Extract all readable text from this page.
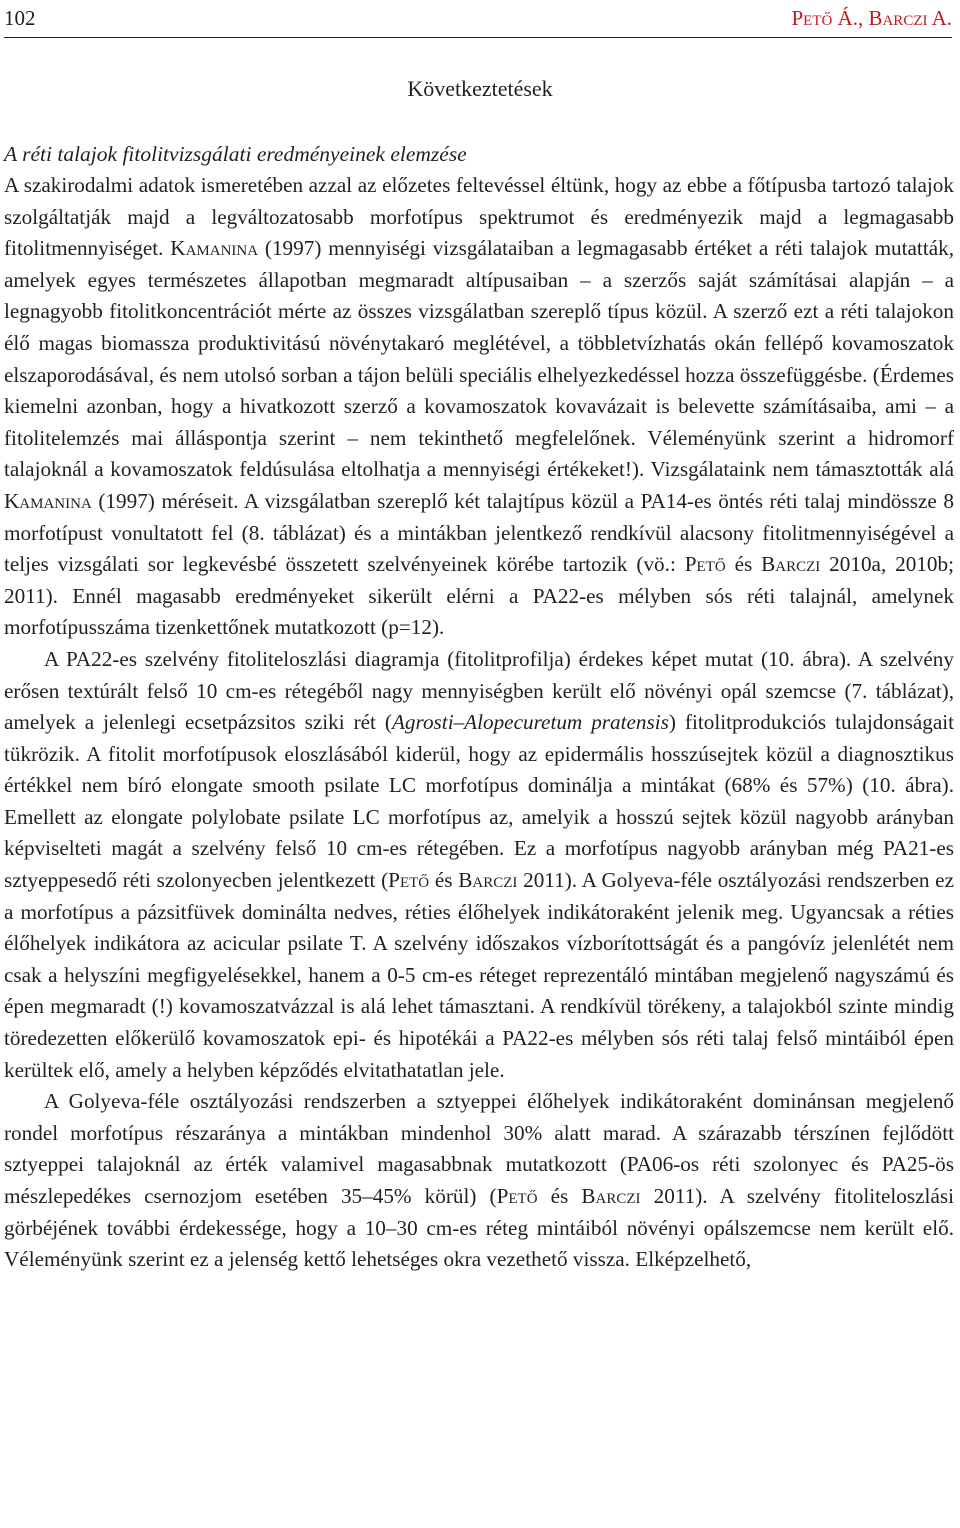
102	Pető Á., Barczi A.
Következtetések
A réti talajok fitolitvizsgálati eredményeinek elemzése

A szakirodalmi adatok ismeretében azzal az előzetes feltevéssel éltünk, hogy az ebbe a főtípusba tartozó talajok szolgáltatják majd a legváltozatosabb morfotípus spektrumot és eredményezik majd a legmagasabb fitolitmennyiséget. Kamanina (1997) mennyiségi vizsgálataiban a legmagasabb értéket a réti talajok mutatták, amelyek egyes természetes állapotban megmaradt altípusaiban – a szerzős saját számításai alapján – a legnagyobb fitolitkoncentrációt mérte az összes vizsgálatban szereplő típus közül. A szerző ezt a réti talajokon élő magas biomassza produktivitású növénytakaró meglétével, a többletvízhatás okán fellépő kovamoszatok elszaporodásával, és nem utolsó sorban a tájon belüli speciális elhelyezkedéssel hozza összefüggésbe. (Érdemes kiemelni azonban, hogy a hivatkozott szerző a kovamoszatok kovavázait is belevette számításaiba, ami – a fitolitelemzés mai álláspontja szerint – nem tekinthető megfelelőnek. Véleményünk szerint a hidromorf talajoknál a kovamoszatok feldúsulása eltolhatja a mennyiségi értékeket!). Vizsgálataink nem támasztották alá Kamanina (1997) méréseit. A vizsgálatban szereplő két talajtípus közül a PA14-es öntés réti talaj mindössze 8 morfotípust vonultatott fel (8. táblázat) és a mintákban jelentkező rendkívül alacsony fitolitmennyiségével a teljes vizsgálati sor legkevésbé összetett szelvényeinek körébe tartozik (vö.: Pető és Barczi 2010a, 2010b; 2011). Ennél magasabb eredményeket sikerült elérni a PA22-es mélyben sós réti talajnál, amelynek morfotípusszáma tizenkettőnek mutatkozott (p=12).

A PA22-es szelvény fitoliteloszlási diagramja (fitolitprofilja) érdekes képet mutat (10. ábra). A szelvény erősen textúrált felső 10 cm-es rétegéből nagy mennyiségben került elő növényi opál szemcse (7. táblázat), amelyek a jelenlegi ecsetpázsitos sziki rét (Agrosti–Alopecuretum pratensis) fitolitprodukciós tulajdonságait tükrözik. A fitolit morfotípusok eloszlásából kiderül, hogy az epidermális hosszúsejtek közül a diagnosztikus értékkel nem bíró elongate smooth psilate LC morfotípus dominálja a mintákat (68% és 57%) (10. ábra). Emellett az elongate polylobate psilate LC morfotípus az, amelyik a hosszú sejtek közül nagyobb arányban képviselteti magát a szelvény felső 10 cm-es rétegében. Ez a morfotípus nagyobb arányban még PA21-es sztyeppesedő réti szolonyecben jelentkezett (Pető és Barczi 2011). A Golyeva-féle osztályozási rendszerben ez a morfotípus a pázsitfüvek dominálta nedves, réties élőhelyek indikátoraként jelenik meg. Ugyancsak a réties élőhelyek indikátora az acicular psilate T. A szelvény időszakos vízborítottságát és a pangóvíz jelenlétét nem csak a helyszíni megfigyelésekkel, hanem a 0-5 cm-es réteget reprezentáló mintában megjelenő nagyszámú és épen megmaradt (!) kovamoszatvázzal is alá lehet támasztani. A rendkívül törékeny, a talajokból szinte mindig töredezetten előkerülő kovamoszatok epi- és hipotékái a PA22-es mélyben sós réti talaj felső mintáiból épen kerültek elő, amely a helyben képződés elvitathatatlan jele.

A Golyeva-féle osztályozási rendszerben a sztyeppei élőhelyek indikátoraként dominánsan megjelenő rondel morfotípus részaránya a mintákban mindenhol 30% alatt marad. A szárazabb térszínen fejlődött sztyeppei talajoknál az érték valamivel magasabbnak mutatkozott (PA06-os réti szolonyec és PA25-ös mészlepedékes csernozjom esetében 35–45% körül) (Pető és Barczi 2011). A szelvény fitoliteloszlási görbéjének további érdekessége, hogy a 10–30 cm-es réteg mintáiból növényi opálszemcse nem került elő. Véleményünk szerint ez a jelenség kettő lehetséges okra vezethető vissza. Elképzelhető,
